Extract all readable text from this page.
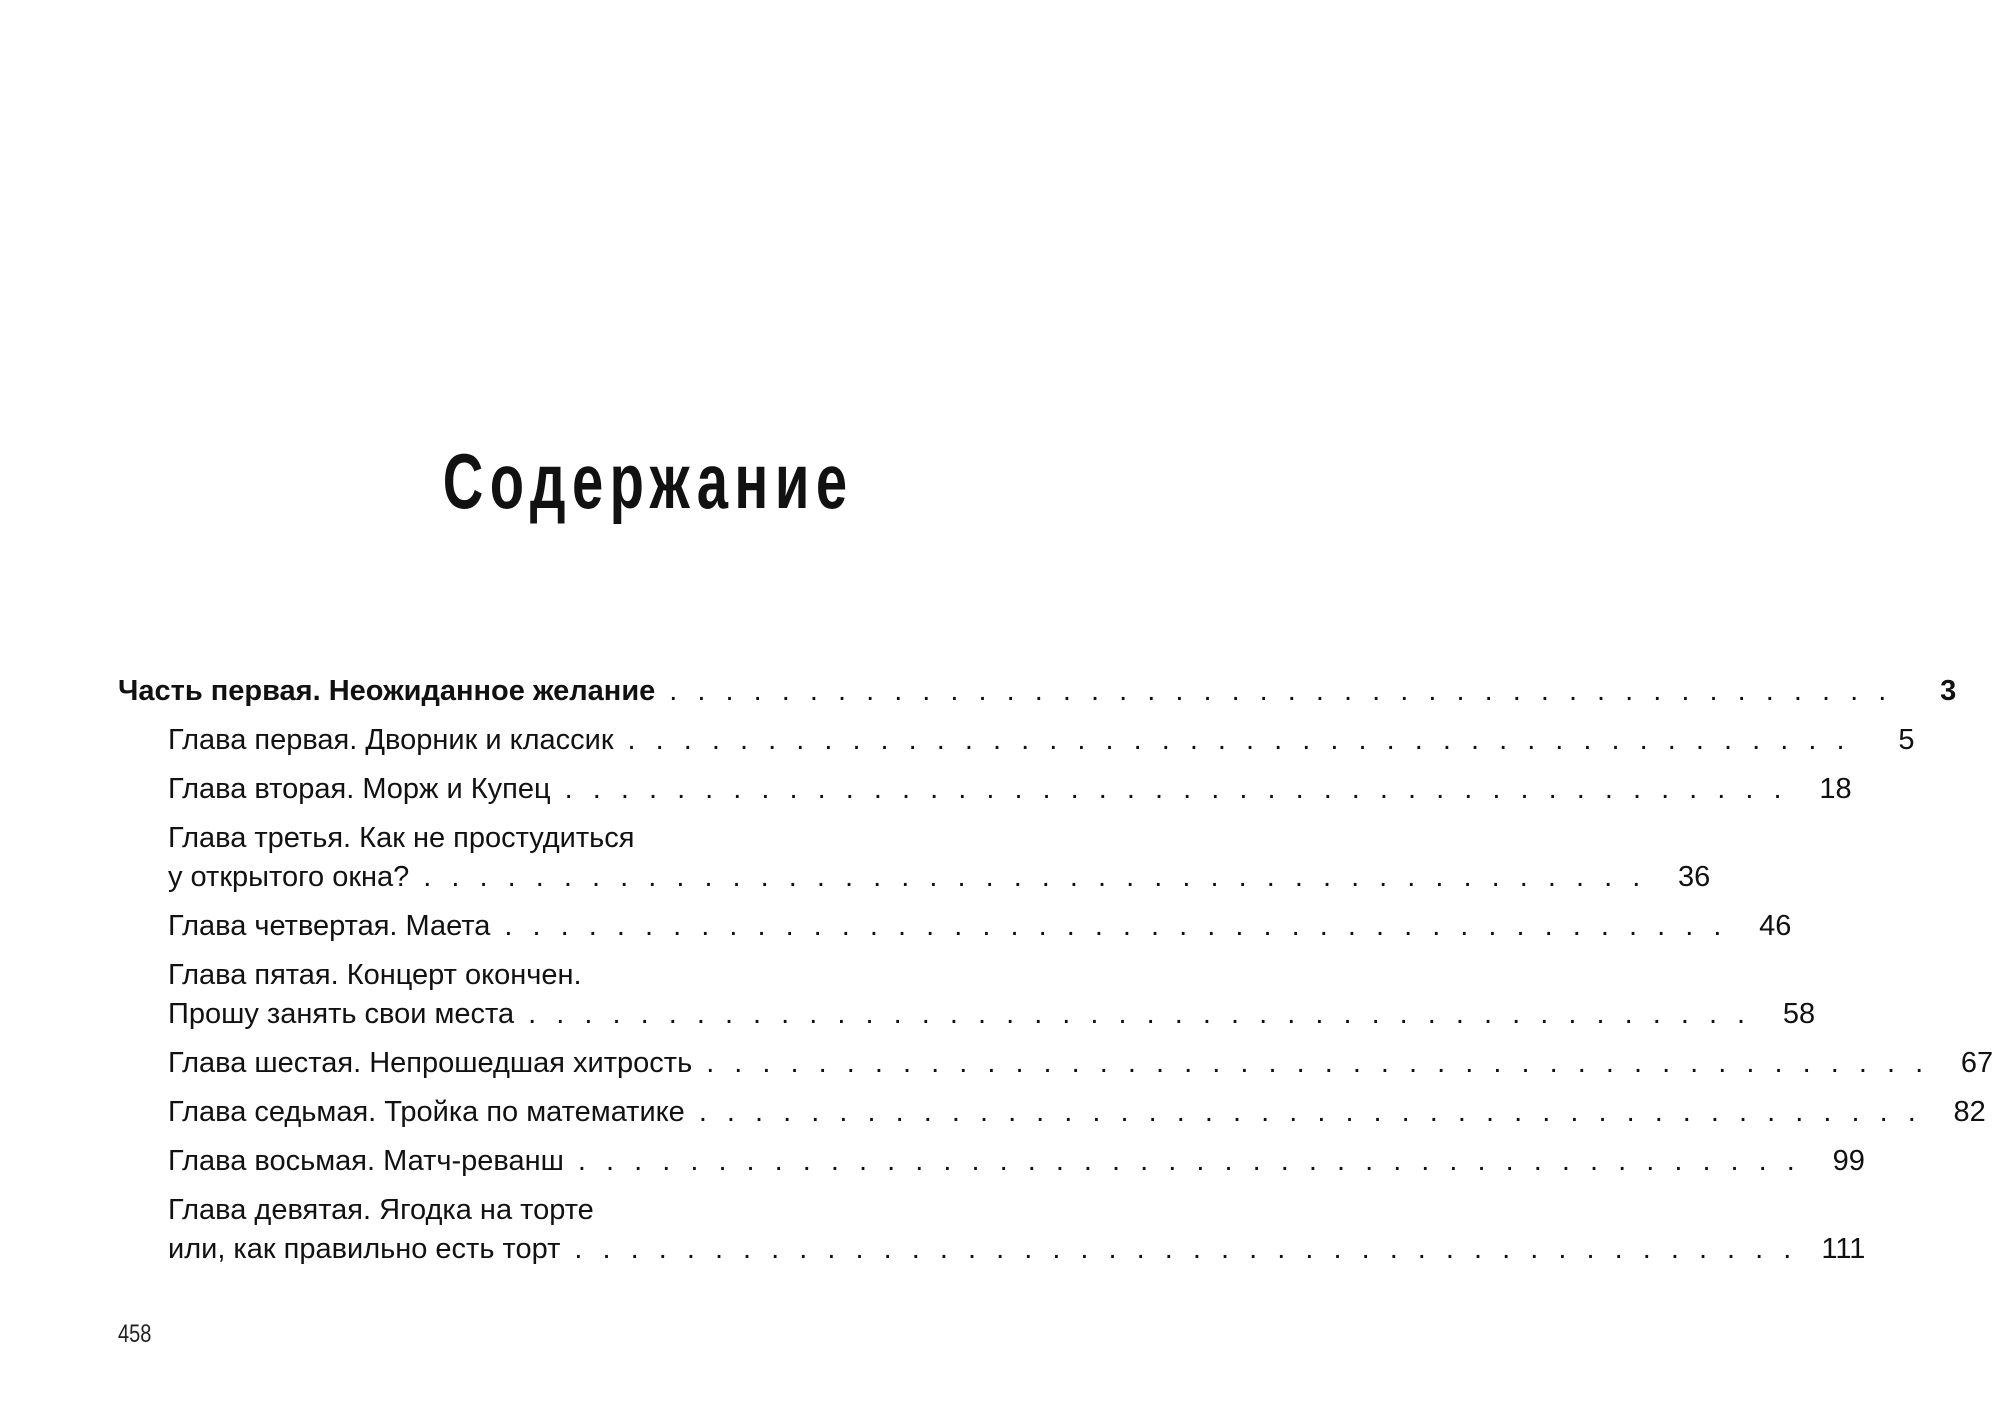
Содержание
Часть первая. Неожиданное желание . . . . . . . . . . . . . . . . . . . . . . . . . . . . . . . . . . . . . . . . . . . .	3
Глава первая. Дворник и классик . . . . . . . . . . . . . . . . . . . . . . . . . . . . . . . . . . . . . . . . . . . .	5
Глава вторая. Морж и Купец . . . . . . . . . . . . . . . . . . . . . . . . . . . . . . . . . . . . . . . . . . . . 18
Глава третья. Как не простудиться
у открытого окна? . . . . . . . . . . . . . . . . . . . . . . . . . . . . . . . . . . . . . . . . . . . . 36
Глава четвертая. Маета . . . . . . . . . . . . . . . . . . . . . . . . . . . . . . . . . . . . . . . . . . . . 46
Глава пятая. Концерт окончен.
Прошу занять свои места . . . . . . . . . . . . . . . . . . . . . . . . . . . . . . . . . . . . . . . . . . . . 58
Глава шестая. Непрошедшая хитрость . . . . . . . . . . . . . . . . . . . . . . . . . . . . . . . . . . . . . . . . . . . . 67
Глава седьмая. Тройка по математике . . . . . . . . . . . . . . . . . . . . . . . . . . . . . . . . . . . . . . . . . . . . 82
Глава восьмая. Матч-реванш . . . . . . . . . . . . . . . . . . . . . . . . . . . . . . . . . . . . . . . . . . . . 99
Глава девятая. Ягодка на торте
или, как правильно есть торт . . . . . . . . . . . . . . . . . . . . . . . . . . . . . . . . . . . . . . . . . . . . 111
458
